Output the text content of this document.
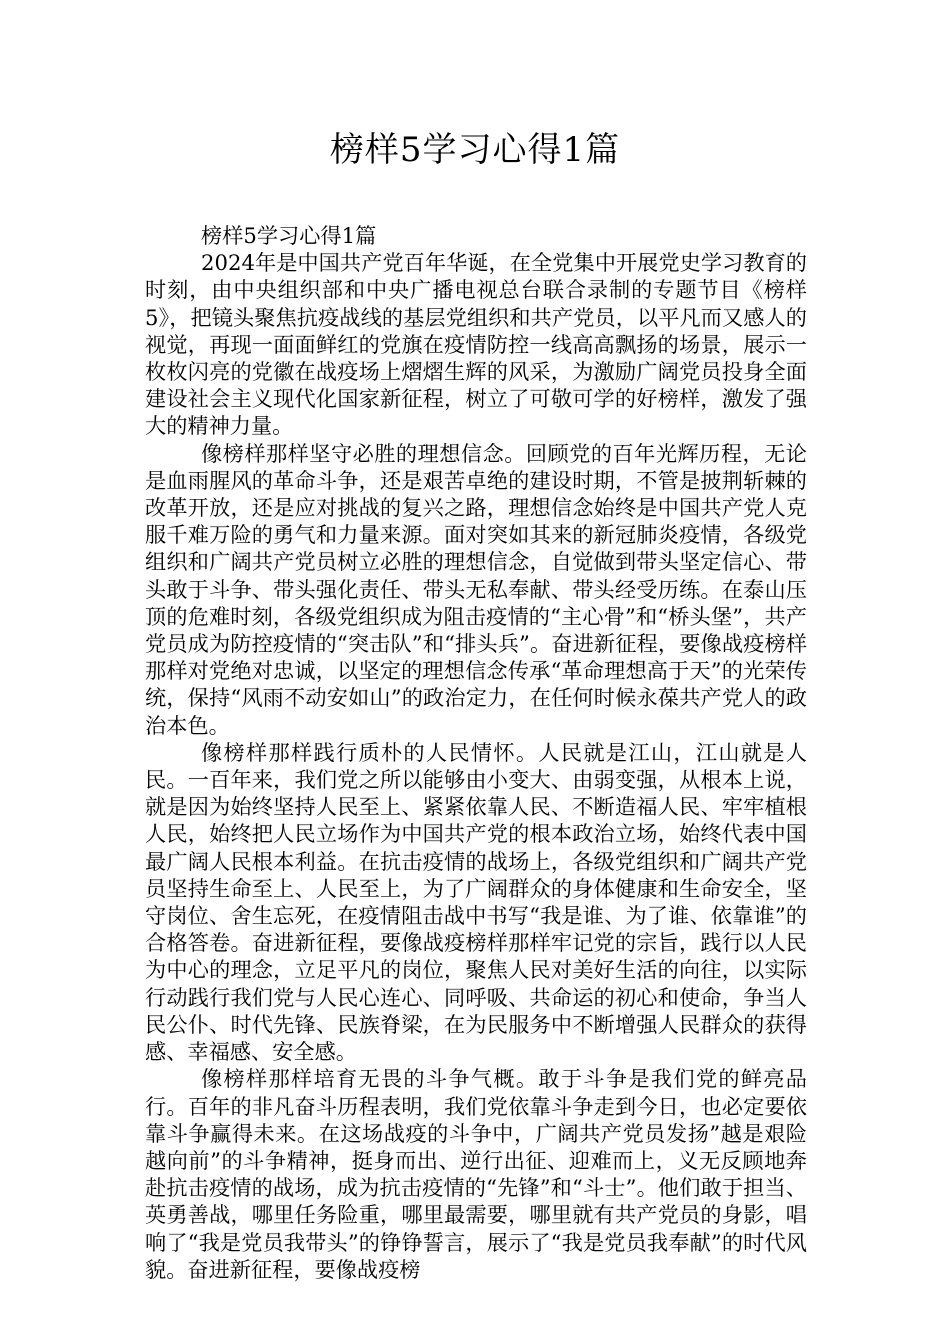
榜样5学习心得1篇

榜样5学习心得1篇

2024年是中国共产党百年华诞，在全党集中开展党史学习教育的时刻，由中央组织部和中央广播电视总台联合录制的专题节目《榜样5》，把镜头聚焦抗疫战线的基层党组织和共产党员，以平凡而又感人的视觉，再现一面面鲜红的党旗在疫情防控一线高高飘扬的场景，展示一枚枚闪亮的党徽在战疫场上熠熠生辉的风采，为激励广阔党员投身全面建设社会主义现代化国家新征程，树立了可敬可学的好榜样，激发了强大的精神力量。

像榜样那样坚守必胜的理想信念。回顾党的百年光辉历程，无论是血雨腥风的革命斗争，还是艰苦卓绝的建设时期，不管是披荆斩棘的改革开放，还是应对挑战的复兴之路，理想信念始终是中国共产党人克服千难万险的勇气和力量来源。面对突如其来的新冠肺炎疫情，各级党组织和广阔共产党员树立必胜的理想信念，自觉做到带头坚定信心、带头敢于斗争、带头强化责任、带头无私奉献、带头经受历练。在泰山压顶的危难时刻，各级党组织成为阻击疫情的“主心骨”和“桥头堡”，共产党员成为防控疫情的“突击队”和“排头兵”。奋进新征程，要像战疫榜样那样对党绝对忠诚，以坚定的理想信念传承“革命理想高于天”的光荣传统，保持“风雨不动安如山”的政治定力，在任何时候永葆共产党人的政治本色。

像榜样那样践行质朴的人民情怀。人民就是江山，江山就是人民。一百年来，我们党之所以能够由小变大、由弱变强，从根本上说，就是因为始终坚持人民至上、紧紧依靠人民、不断造福人民、牢牢植根人民，始终把人民立场作为中国共产党的根本政治立场，始终代表中国最广阔人民根本利益。在抗击疫情的战场上，各级党组织和广阔共产党员坚持生命至上、人民至上，为了广阔群众的身体健康和生命安全，坚守岗位、舍生忘死，在疫情阻击战中书写“我是谁、为了谁、依靠谁”的合格答卷。奋进新征程，要像战疫榜样那样牢记党的宗旨，践行以人民为中心的理念，立足平凡的岗位，聚焦人民对美好生活的向往，以实际行动践行我们党与人民心连心、同呼吸、共命运的初心和使命，争当人民公仆、时代先锋、民族脊梁，在为民服务中不断增强人民群众的获得感、幸福感、安全感。

像榜样那样培育无畏的斗争气概。敢于斗争是我们党的鲜亮品行。百年的非凡奋斗历程表明，我们党依靠斗争走到今日，也必定要依靠斗争赢得未来。在这场战疫的斗争中，广阔共产党员发扬”越是艰险越向前”的斗争精神，挺身而出、逆行出征、迎难而上，义无反顾地奔赴抗击疫情的战场，成为抗击疫情的“先锋”和“斗士”。他们敢于担当、英勇善战，哪里任务险重，哪里最需要，哪里就有共产党员的身影，唱响了“我是党员我带头”的铮铮誓言，展示了“我是党员我奉献”的时代风貌。奋进新征程，要像战疫榜
